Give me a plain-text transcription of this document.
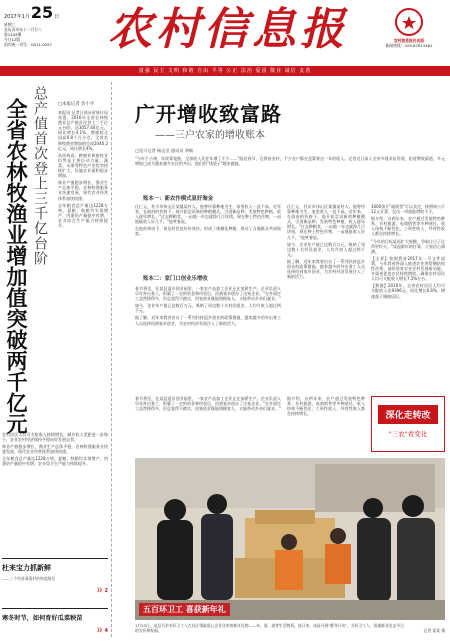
2017年1月 25 日
星期三
农历丙申年十二月廿八
第1443期
今日12版
国内统一刊号：CN11-0057	农村信息报	农村信息报社出版
新闻热线：029-87613461
富强 民主 文明 和谐 自由 平等 公正 法治 爱国 敬业 诚信 友善
总产值首次登上三千亿台阶
全省农林牧渔业增加值突破两千亿元	□本报记者 彭小平

本报讯 记者日前从省统计局获悉，2016年全省农林牧渔业总产值首次登上三千亿元台阶，达3057.44亿元，同比增长4.1%，增速较全国高0.8个百分点。全省农林牧渔业增加值完成2040.2亿元，同比增长4%。

从结构看，种植业和畜牧业仍然是主要拉动力量，蔬菜、水果等特色产业优势持续扩大，设施农业面积稳步增加。

林业产值稳步增长，渔业生产总体平稳，农林牧渔服务业快速发展，现代农业经营体系加快构建。

全年粮食总产量达1228万吨，夏粮、秋粮均实现增产，肉蛋奶产量稳中有增，农业综合生产能力持续提升。

农村居民人均可支配收入持续增长，城乡收入差距进一步缩小，农业农村经济保持平稳向好发展态势。

林业产值稳步增长，渔业生产总体平稳，农林牧渔服务业快速发展，现代农业经营体系加快构建。

全年粮食总产量达1228万吨，夏粮、秋粮均实现增产，肉蛋奶产量稳中有增，农业综合生产能力持续提升。

杜来宝力抓新鲜
——三个经济薄弱村的致富路径
》》2
寒冬时节，如何育好瓜菜秧苗
》》4
广开增收致富路
——三户农家的增收账本
□见习记者 杨志莹 通讯员 余敏
"今年个小康，年终算笔账，全家收入比往年增了不少……"临近春节，在我省农村，不少农户都在盘算着这一年的收入。记者近日深入全省多地采访发现，拓宽增收渠道，多元增收已成为越来越多农民的共识，他们的"钱袋子"越来越鼓。
账本一：新农作模式显好淘金

仕仁元，杜川市伟山区某镇某村人。他曾经靠种地为生，家里收入一直不高。近年来，在政府的扶持下，他开始尝试新的种植模式，引进新品种，发展特色种植，收入逐年增长。"过去种粮食，一亩地一年也就挣几百块钱，现在种上特色作物，一亩地能收入好几千。"他笑着说。

在他的带动下，周边村民也纷纷效仿，形成了规模化种植，带动了当地群众共同致富。

账本二：家门口创业乐增收

春节将至，在某县返乡创业园里，一家农产品加工企业正在加紧生产。企业负责人早年外出务工，积累了一定的资金和经验后，回到家乡创办了这家企业。"在外面打工虽然挣得多，但总觉得不踏实，回家创业既能照顾家人，又能带动乡亲们就业。"

如今，企业年产值已达数百万元，吸纳了周边数十名村民就业，人均月收入超过两千元。

据了解，近年来我省出台了一系列扶持返乡创业的政策措施，越来越多的外出务工人员选择回到家乡创业，为农村经济发展注入了新的活力。

仕仁元，杜川市伟山区某镇某村人。他曾经靠种地为生，家里收入一直不高。近年来，在政府的扶持下，他开始尝试新的种植模式，引进新品种，发展特色种植，收入逐年增长。"过去种粮食，一亩地一年也就挣几百块钱，现在种上特色作物，一亩地能收入好几千。"他笑着说。

如今，企业年产值已达数百万元，吸纳了周边数十名村民就业，人均月收入超过两千元。

据了解，近年来我省出台了一系列扶持返乡创业的政策措施，越来越多的外出务工人员选择回到家乡创业，为农村经济发展注入了新的活力。

1000余斤"福润堂"可以卖完，按照每公斤12元计算，仅这一项就能增收不少。

据介绍，这两年来，农户通过发展特色种养、乡村旅游、电商销售等多种途径，收入结构不断优化，工资性收入、经营性收入都在持续增长。

"今年的目标是再扩大规模，争取让日子过得更红火。"谈起新年的打算，大家信心满满。

【全景】按照我省2017年一号文件部署，今年我省将深入推进农业供给侧结构性改革，加快培育农业农村发展新动能，多渠道促进农民持续增收，确保农村居民人均可支配收入增长7.5%左右。

【数据】2016年，全省农村居民人均可支配收入达9396元，同比增长6.6%，增速高于城镇居民。

春节将至，在某县返乡创业园里，一家农产品加工企业正在加紧生产。企业负责人早年外出务工，积累了一定的资金和经验后，回到家乡创办了这家企业。"在外面打工虽然挣得多，但总觉得不踏实，回家创业既能照顾家人，又能带动乡亲们就业。"

据介绍，这两年来，农户通过发展特色种养、乡村旅游、电商销售等多种途径，收入结构不断优化，工资性收入、经营性收入都在持续增长。	深化走转改
"三农"看变化
五百环卫工 喜获新年礼
1月23日，某县百余名环卫工人在社区领取爱心企业送来的新年礼物——米、面、油等生活物资。连日来，该县开展"暖冬行动"，为环卫工人、困难群众送去节日的关怀和祝福。	记者 某某 摄
